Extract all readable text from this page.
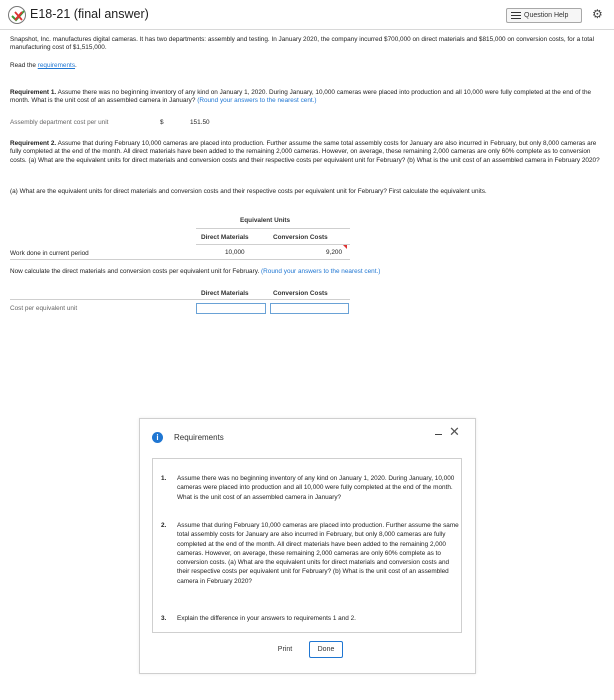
E18-21 (final answer)	Question Help ⚙
Snapshot, Inc. manufactures digital cameras. It has two departments: assembly and testing. In January 2020, the company incurred $700,000 on direct materials and $815,000 on conversion costs, for a total manufacturing cost of $1,515,000.
Read the requirements.
Requirement 1. Assume there was no beginning inventory of any kind on January 1, 2020. During January, 10,000 cameras were placed into production and all 10,000 were fully completed at the end of the month. What is the unit cost of an assembled camera in January? (Round your answers to the nearest cent.)
Assembly department cost per unit	$	151.50
Requirement 2. Assume that during February 10,000 cameras are placed into production. Further assume the same total assembly costs for January are also incurred in February, but only 8,000 cameras are fully completed at the end of the month. All direct materials have been added to the remaining 2,000 cameras. However, on average, these remaining 2,000 cameras are only 60% complete as to conversion costs. (a) What are the equivalent units for direct materials and conversion costs and their respective costs per equivalent unit for February? (b) What is the unit cost of an assembled camera in February 2020?
(a) What are the equivalent units for direct materials and conversion costs and their respective costs per equivalent unit for February? First calculate the equivalent units.
Equivalent Units
Direct Materials	Conversion Costs
Work done in current period	10,000	9,200
Now calculate the direct materials and conversion costs per equivalent unit for February. (Round your answers to the nearest cent.)
Direct Materials	Conversion Costs
Cost per equivalent unit
i	Requirements	✕
1. Assume there was no beginning inventory of any kind on January 1, 2020. During January, 10,000 cameras were placed into production and all 10,000 were fully completed at the end of the month. What is the unit cost of an assembled camera in January?
2. Assume that during February 10,000 cameras are placed into production. Further assume the same total assembly costs for January are also incurred in February, but only 8,000 cameras are fully completed at the end of the month. All direct materials have been added to the remaining 2,000 cameras. However, on average, these remaining 2,000 cameras are only 60% complete as to conversion costs. (a) What are the equivalent units for direct materials and conversion costs and their respective costs per equivalent unit for February? (b) What is the unit cost of an assembled camera in February 2020?
3. Explain the difference in your answers to requirements 1 and 2.
Print	Done
